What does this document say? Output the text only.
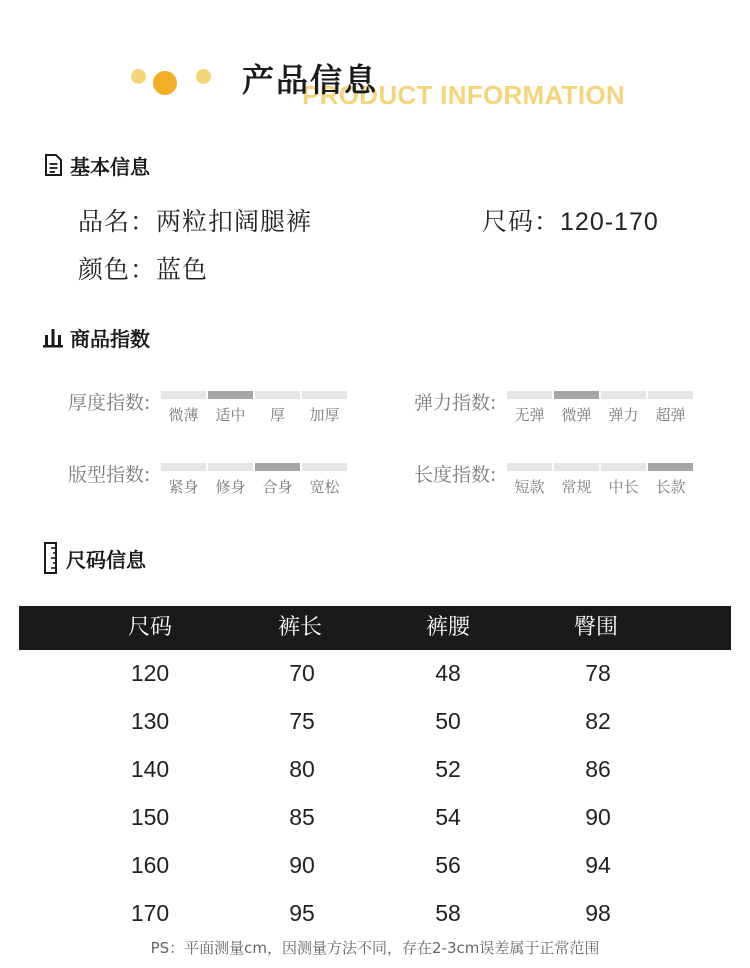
PRODUCT INFORMATION
产品信息
基本信息
品名：两粒扣阔腿裤	尺码：120-170
颜色：蓝色
商品指数
厚度指数:
微薄 适中 厚 加厚
弹力指数:
无弹 微弹 弹力 超弹
版型指数:
紧身 修身 合身 宽松
长度指数:
短款 常规 中长 长款
尺码信息
尺码	裤长	裤腰	臀围
120	70	48	78
130	75	50	82
140	80	52	86
150	85	54	90
160	90	56	94
170	95	58	98
PS：平面测量cm，因测量方法不同，存在2-3cm误差属于正常范围
